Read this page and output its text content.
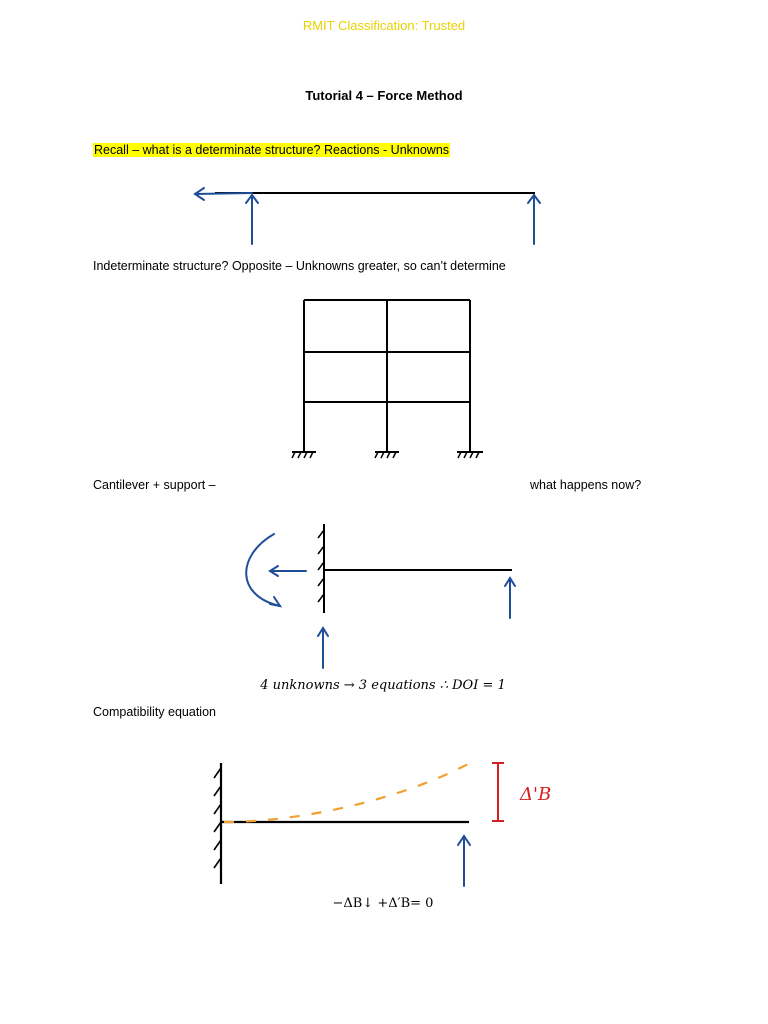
RMIT Classification: Trusted
Tutorial 4 – Force Method
Recall – what is a determinate structure? Reactions - Unknowns
Indeterminate structure? Opposite – Unknowns greater, so can’t determine
Cantilever + support –	what happens now?
4 unknowns → 3 equations ∴ DOI = 1
Compatibility equation
Δ'B
−ΔB↓ +Δ′B= 0
